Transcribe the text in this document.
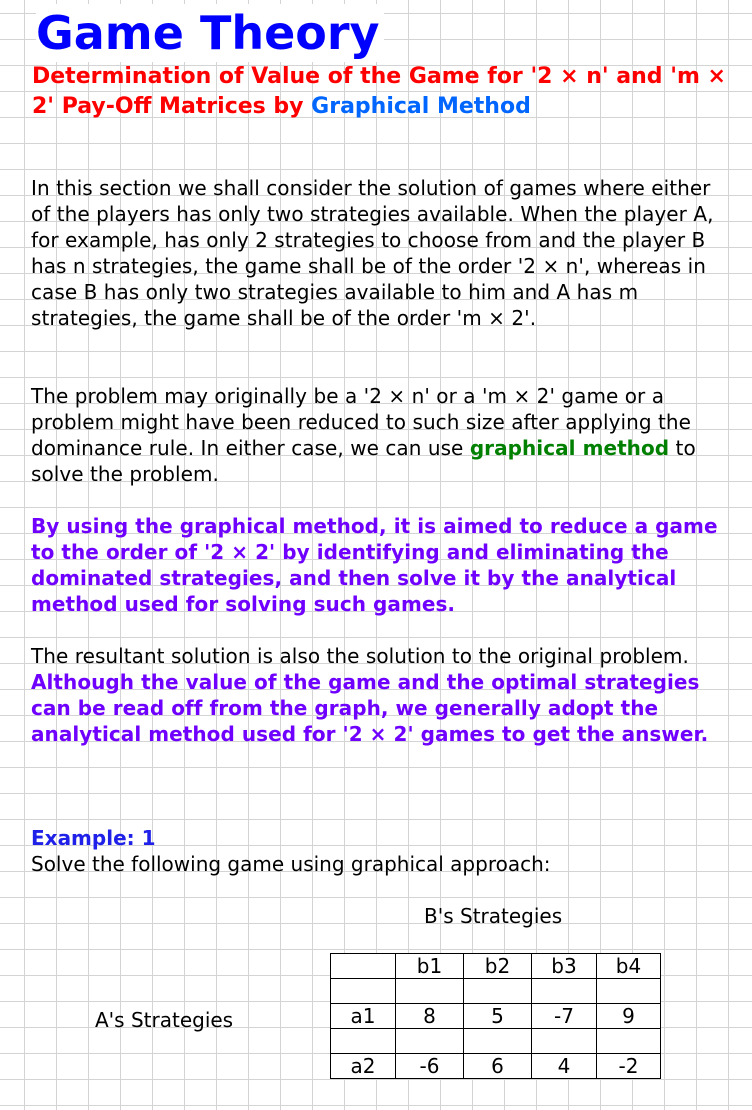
Game Theory

Determination of Value of the Game for '2 × n' and 'm × 2' Pay-Off Matrices by Graphical Method

In this section we shall consider the solution of games where either of the players has only two strategies available. When the player A, for example, has only 2 strategies to choose from and the player B has n strategies, the game shall be of the order '2 × n', whereas in case B has only two strategies available to him and A has m strategies, the game shall be of the order 'm × 2'.

The problem may originally be a '2 × n' or a 'm × 2' game or a problem might have been reduced to such size after applying the dominance rule. In either case, we can use graphical method to solve the problem.

By using the graphical method, it is aimed to reduce a game to the order of '2 × 2' by identifying and eliminating the dominated strategies, and then solve it by the analytical method used for solving such games.

The resultant solution is also the solution to the original problem. Although the value of the game and the optimal strategies can be read off from the graph, we generally adopt the analytical method used for '2 × 2' games to get the answer.

Example: 1

Solve the following game using graphical approach:

B's Strategies

A's Strategies

	b1	b2	b3	b4

a1	8	5	-7	9

a2	-6	6	4	-2
